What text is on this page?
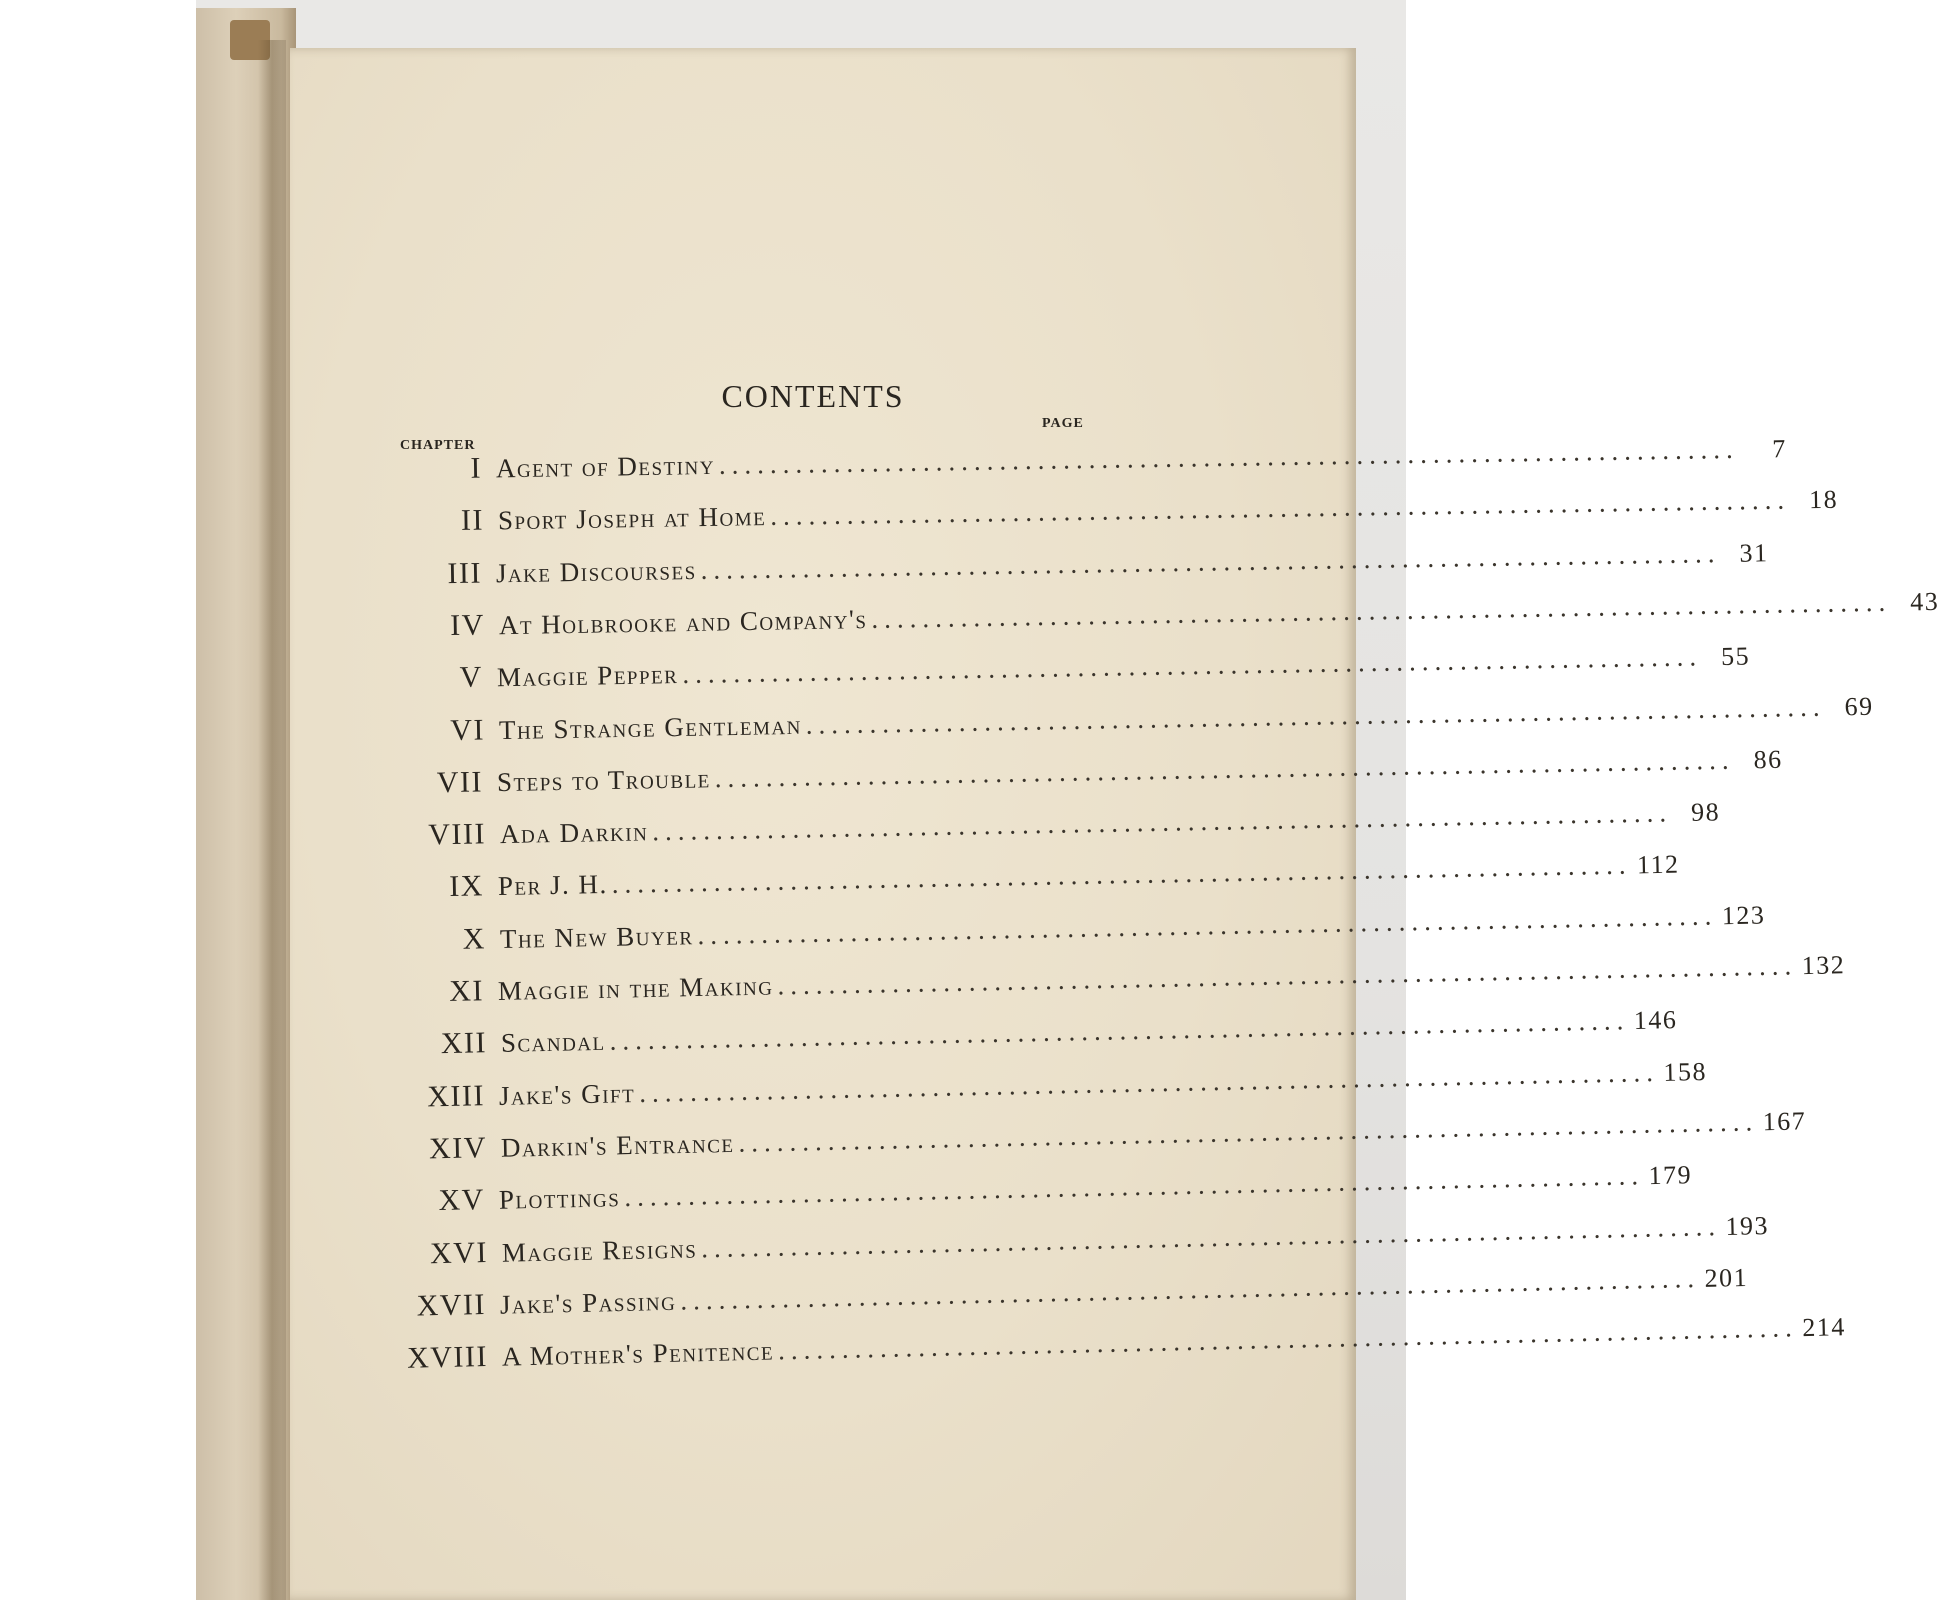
CONTENTS
CHAPTER
PAGE
I Agent of Destiny ................................................................................	7
II Sport Joseph at Home ................................................................................ 18
III Jake Discourses ................................................................................ 31
IV At Holbrooke and Company's ................................................................................ 43
V Maggie Pepper ................................................................................ 55
VI The Strange Gentleman ................................................................................ 69
VII Steps to Trouble ................................................................................ 86
VIII Ada Darkin ................................................................................ 98
IX Per J. H. ................................................................................ 112
X The New Buyer ................................................................................ 123
XI Maggie in the Making ................................................................................ 132
XII Scandal ................................................................................ 146
XIII Jake's Gift ................................................................................ 158
XIV Darkin's Entrance ................................................................................ 167
XV Plottings ................................................................................ 179
XVI Maggie Resigns ................................................................................ 193
XVII Jake's Passing ................................................................................ 201
XVIII A Mother's Penitence ................................................................................ 214
